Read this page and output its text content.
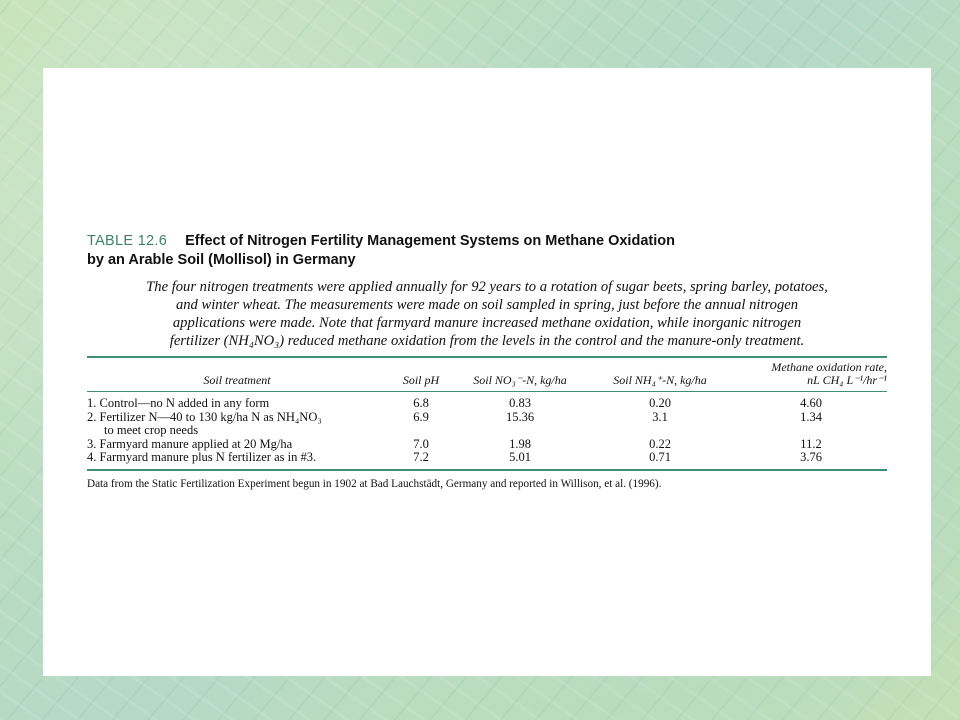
TABLE 12.6 Effect of Nitrogen Fertility Management Systems on Methane Oxidation
by an Arable Soil (Mollisol) in Germany
The four nitrogen treatments were applied annually for 92 years to a rotation of sugar beets, spring barley, potatoes,
and winter wheat. The measurements were made on soil sampled in spring, just before the annual nitrogen
applications were made. Note that farmyard manure increased methane oxidation, while inorganic nitrogen
fertilizer (NH₄NO₃) reduced methane oxidation from the levels in the control and the manure-only treatment.
Soil treatment	Soil pH	Soil NO₃⁻-N, kg/ha	Soil NH₄⁺-N, kg/ha	Methane oxidation rate,
nL CH₄ L⁻¹/hr⁻¹

1. Control—no N added in any form	6.8	0.83	0.20	4.60

2. Fertilizer N—40 to 130 kg/ha N as NH₄NO₃
to meet crop needs	6.9	15.36	3.1	1.34
3. Farmyard manure applied at 20 Mg/ha	7.0	1.98	0.22	11.2
4. Farmyard manure plus N fertilizer as in #3.	7.2	5.01	0.71	3.76

Data from the Static Fertilization Experiment begun in 1902 at Bad Lauchstädt, Germany and reported in Willison, et al. (1996).
